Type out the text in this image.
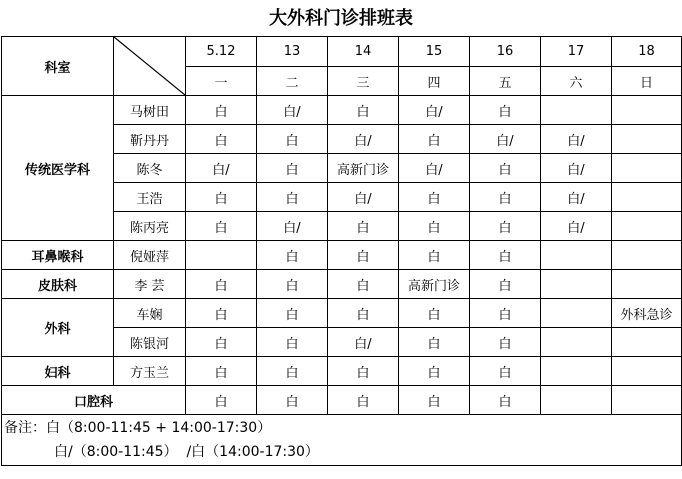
大外科门诊排班表
科室		5.12	13	14	15	16	17	18
		一	二	三	四	五	六	日
传统医学科	马树田	白	白/	白	白/	白		
	靳丹丹	白	白	白/	白	白/	白/	
	陈冬	白/	白	高新门诊	白/	白	白/	
	王浩	白	白	白/	白	白	白/	
	陈丙亮	白	白/	白	白	白	白/	
耳鼻喉科	倪娅萍		白	白	白	白		
皮肤科	李 芸	白	白	白	高新门诊	白		
外科	车娴	白	白	白	白	白		外科急诊
	陈银河	白	白	白/	白	白		
妇科	方玉兰	白	白	白	白	白		
口腔科		白	白	白	白	白		

备注：白（8:00-11:45 + 14:00-17:30）
白/（8:00-11:45）  /白（14:00-17:30）								
